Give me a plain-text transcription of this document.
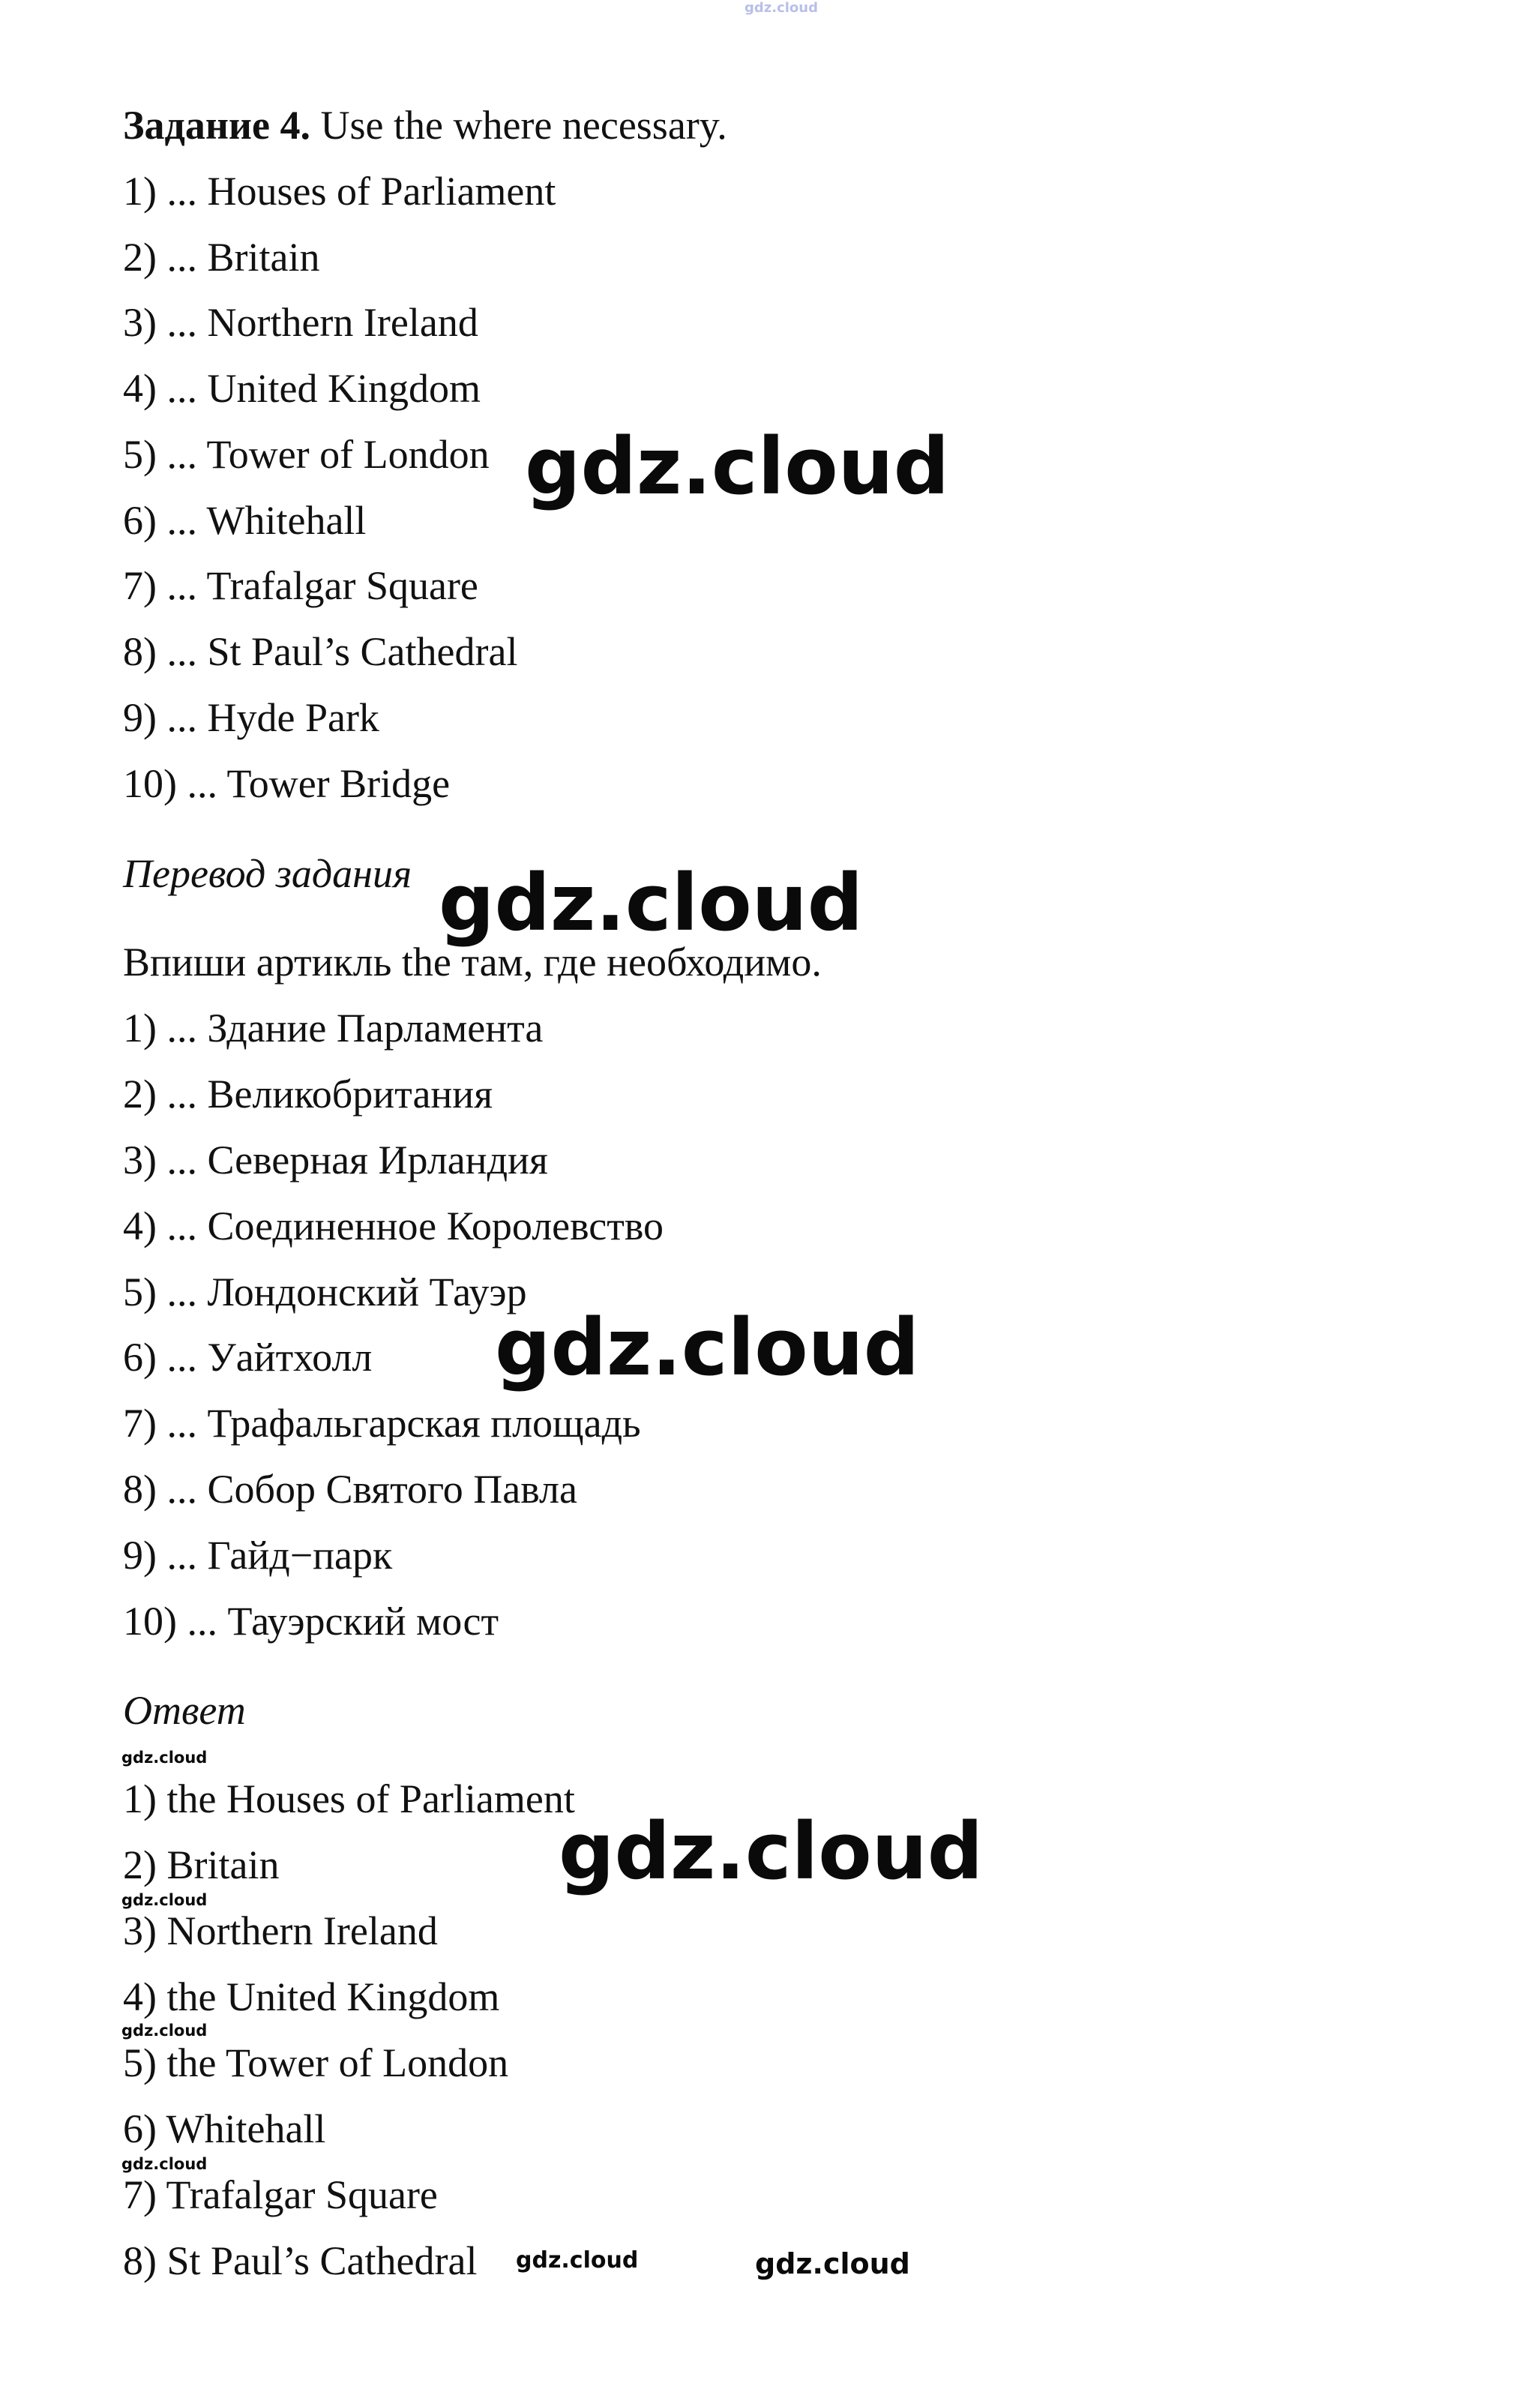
gdz.cloud
Задание 4. Use the where necessary.
1) ... Houses of Parliament
2) ... Britain
3) ... Northern Ireland
4) ... United Kingdom
5) ... Tower of London
6) ... Whitehall
7) ... Trafalgar Square
8) ... St Paul’s Cathedral
9) ... Hyde Park
10) ... Tower Bridge
Перевод задания
Впиши артикль the там, где необходимо.
1) ... Здание Парламента
2) ... Великобритания
3) ... Северная Ирландия
4) ... Соединенное Королевство
5) ... Лондонский Тауэр
6) ... Уайтхолл
7) ... Трафальгарская площадь
8) ... Собор Святого Павла
9) ... Гайд−парк
10) ... Тауэрский мост
Ответ
1) the Houses of Parliament
2) Britain
3) Northern Ireland
4) the United Kingdom
5) the Tower of London
6) Whitehall
7) Trafalgar Square
8) St Paul’s Cathedral
gdz.cloud
gdz.cloud
gdz.cloud
gdz.cloud
gdz.cloud
gdz.cloud
gdz.cloud
gdz.cloud
gdz.cloud	gdz.cloud
